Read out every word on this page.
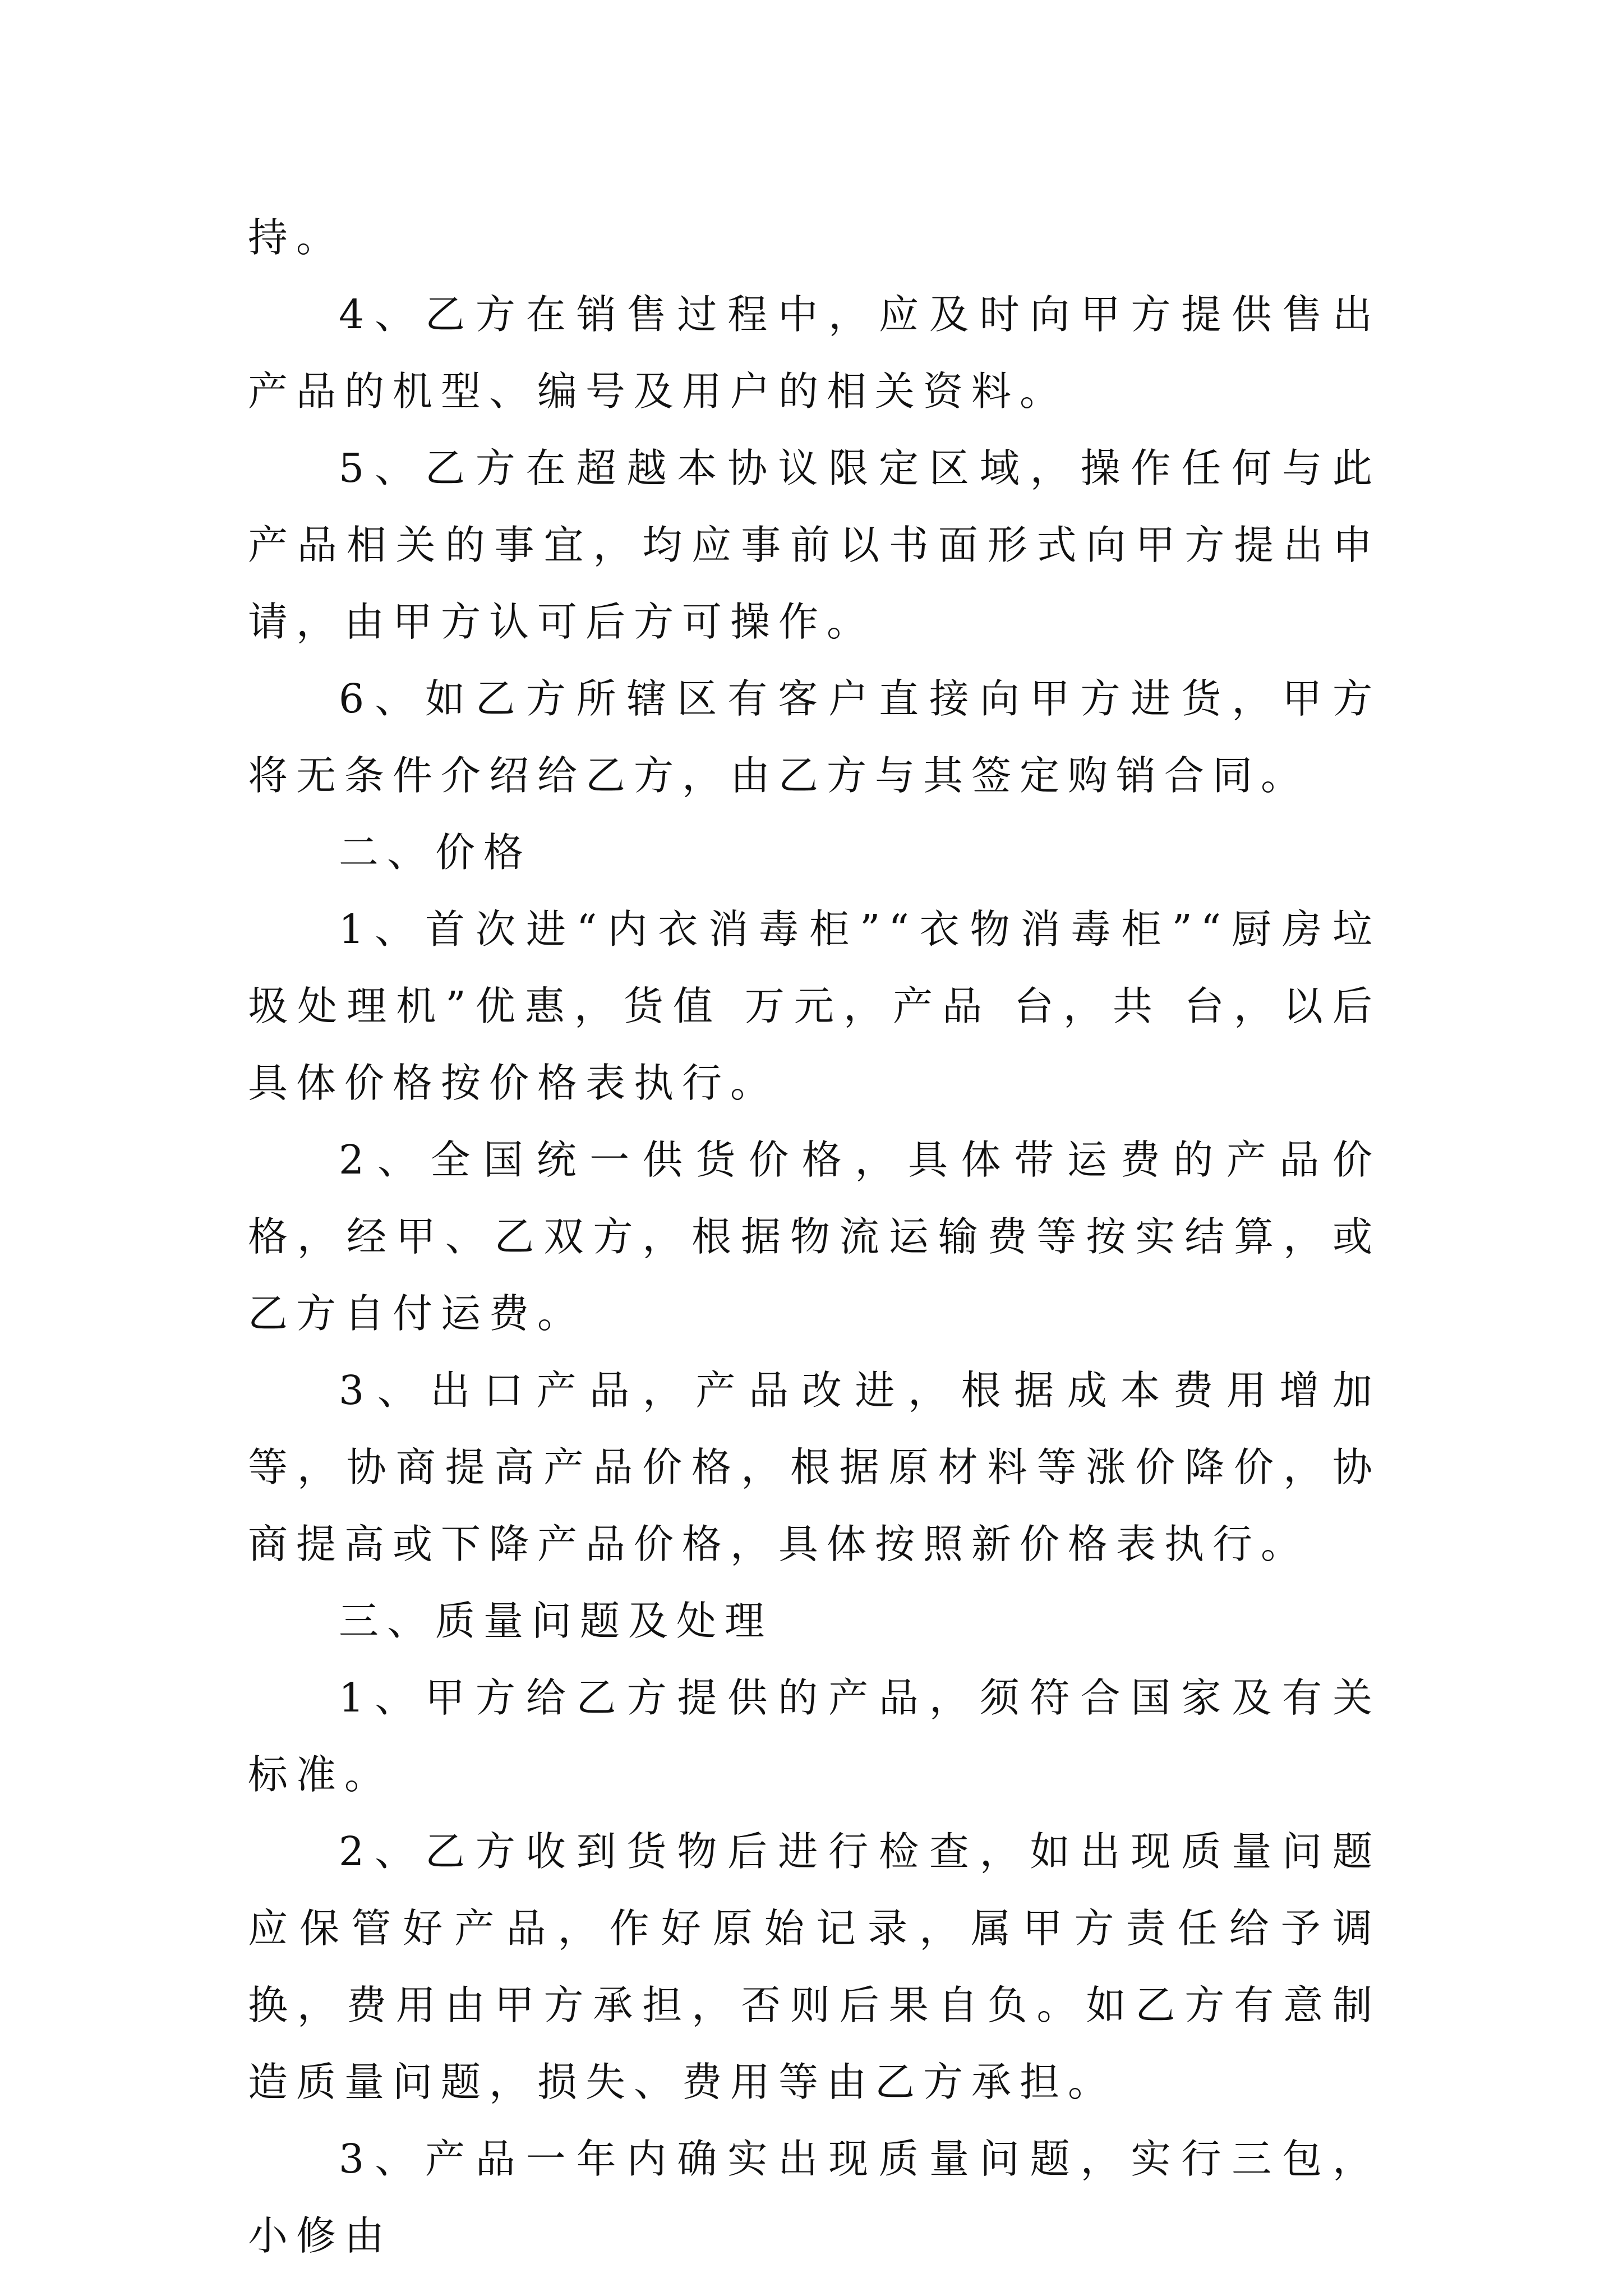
持。

4、乙方在销售过程中，应及时向甲方提供售出产品的机型、编号及用户的相关资料。

5、乙方在超越本协议限定区域，操作任何与此产品相关的事宜，均应事前以书面形式向甲方提出申请，由甲方认可后方可操作。

6、如乙方所辖区有客户直接向甲方进货，甲方将无条件介绍给乙方，由乙方与其签定购销合同。

二、价格

1、首次进“内衣消毒柜”“衣物消毒柜”“厨房垃圾处理机”优惠，货值 万元，产品 台，共 台，以后具体价格按价格表执行。

2、全国统一供货价格，具体带运费的产品价格，经甲、乙双方，根据物流运输费等按实结算，或乙方自付运费。

3、出口产品，产品改进，根据成本费用增加等，协商提高产品价格，根据原材料等涨价降价，协商提高或下降产品价格，具体按照新价格表执行。

三、质量问题及处理

1、甲方给乙方提供的产品，须符合国家及有关标准。

2、乙方收到货物后进行检查，如出现质量问题应保管好产品，作好原始记录，属甲方责任给予调换，费用由甲方承担，否则后果自负。如乙方有意制造质量问题，损失、费用等由乙方承担。

3、产品一年内确实出现质量问题，实行三包，小修由
